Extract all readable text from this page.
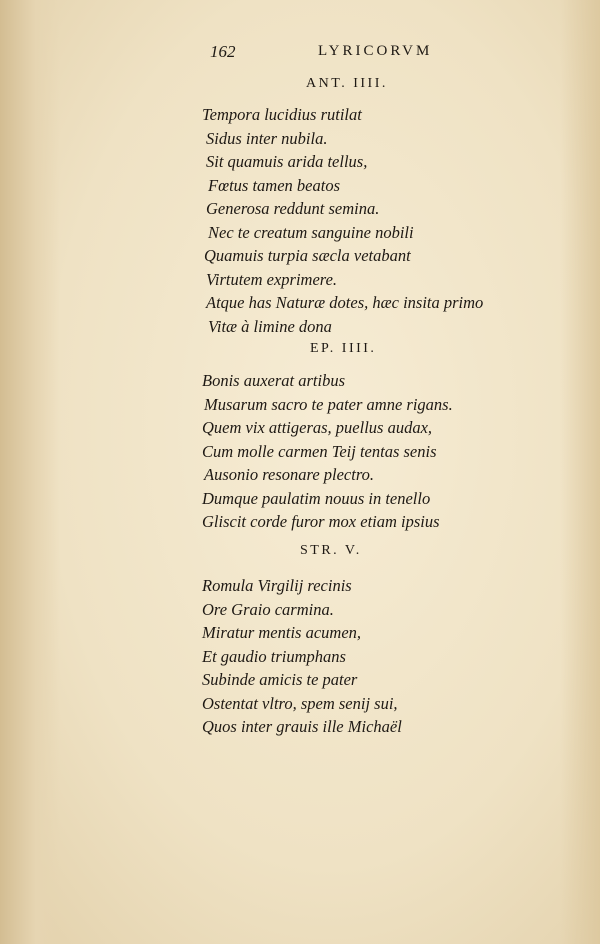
162	LYRICORVM
ANT. IIII.
Tempora lucidius rutilat
Sidus inter nubila.
Sit quamuis arida tellus,
Fœtus tamen beatos
Generosa reddunt semina.
Nec te creatum sanguine nobili
Quamuis turpia sæcla vetabant
Virtutem exprimere.
Atque has Naturæ dotes, hæc insita primo
Vitæ à limine dona
EP. IIII.
Bonis auxerat artibus
Musarum sacro te pater amne rigans.
Quem vix attigeras, puellus audax,
Cum molle carmen Teij tentas senis
Ausonio resonare plectro.
Dumque paulatim nouus in tenello
Gliscit corde furor mox etiam ipsius
STR. V.
Romula Virgilij recinis
Ore Graio carmina.
Miratur mentis acumen,
Et gaudio triumphans
Subinde amicis te pater
Ostentat vltro, spem senij sui,
Quos inter grauis ille Michaël
